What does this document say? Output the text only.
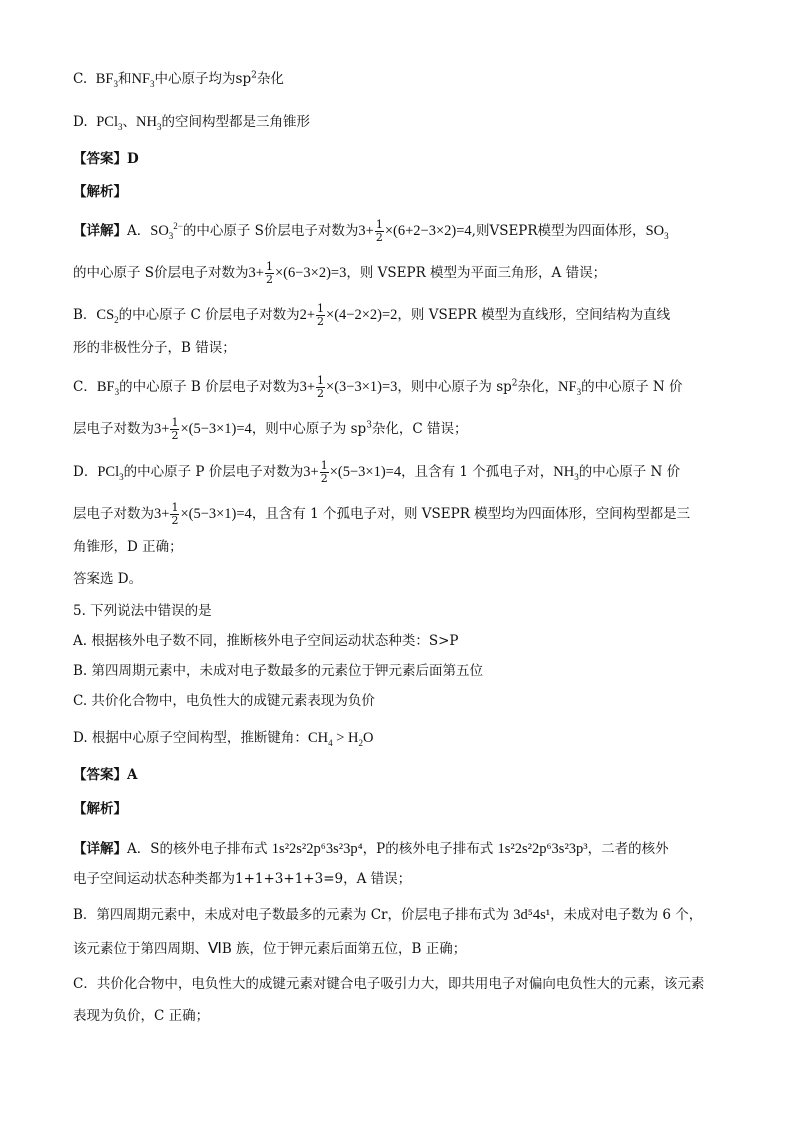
C. $BF_3$和$NF_3$中心原子均为$sp^2$杂化
D. PCl$_3$、$NH_3$的空间构型都是三角锥形
【答案】D
【解析】
【详解】A．$SO_3^{2-}$的中心原子 S价层电子对数为$3+ \frac{1}{2} \times(6+2-3\times 2)=4$,则VSEPR模型为四面体形，$SO_3$
的中心原子 S价层电子对数为$3+ \frac{1}{2} \times(6-3\times 2)=3$，则 VSEPR 模型为平面三角形，A 错误；
B．$CS_2$的中心原子 C 价层电子对数为$2+ \frac{1}{2} \times(4-2\times 2)=2$，则 VSEPR 模型为直线形，空间结构为直线
形的非极性分子，B 错误；
C．$BF_3$的中心原子 B 价层电子对数为$3+ \frac{1}{2} \times(3-3\times 1)=3$，则中心原子为 $sp^2$杂化，$NF_3$的中心原子 N 价
层电子对数为$3+ \frac{1}{2} \times(5-3\times 1)=4$，则中心原子为 $sp^3$杂化，C 错误；
D．PCl$_3$的中心原子 P 价层电子对数为$3+ \frac{1}{2} \times(5-3\times 1)=4$，且含有 1 个孤电子对，$NH_3$的中心原子 N 价
层电子对数为$3+ \frac{1}{2} \times(5-3\times 1)=4$，且含有 1 个孤电子对，则 VSEPR 模型均为四面体形，空间构型都是三
角锥形，D 正确；
答案选 D。
5. 下列说法中错误的是
A. 根据核外电子数不同，推断核外电子空间运动状态种类：S>P
B. 第四周期元素中，未成对电子数最多的元素位于钾元素后面第五位
C. 共价化合物中，电负性大的成键元素表现为负价
D. 根据中心原子空间构型，推断键角：$CH_4 > H_2O$
【答案】A
【解析】
【详解】A．S的核外电子排布式 1s²2s²2p⁶3s²3p⁴，P的核外电子排布式 1s²2s²2p⁶3s²3p³，二者的核外
电子空间运动状态种类都为1+1+3+1+3=9，A 错误；
B．第四周期元素中，未成对电子数最多的元素为 Cr，价层电子排布式为 3d⁵4s¹，未成对电子数为 6 个，
该元素位于第四周期、ⅥB 族，位于钾元素后面第五位，B 正确；
C．共价化合物中，电负性大的成键元素对键合电子吸引力大，即共用电子对偏向电负性大的元素，该元素
表现为负价，C 正确；
